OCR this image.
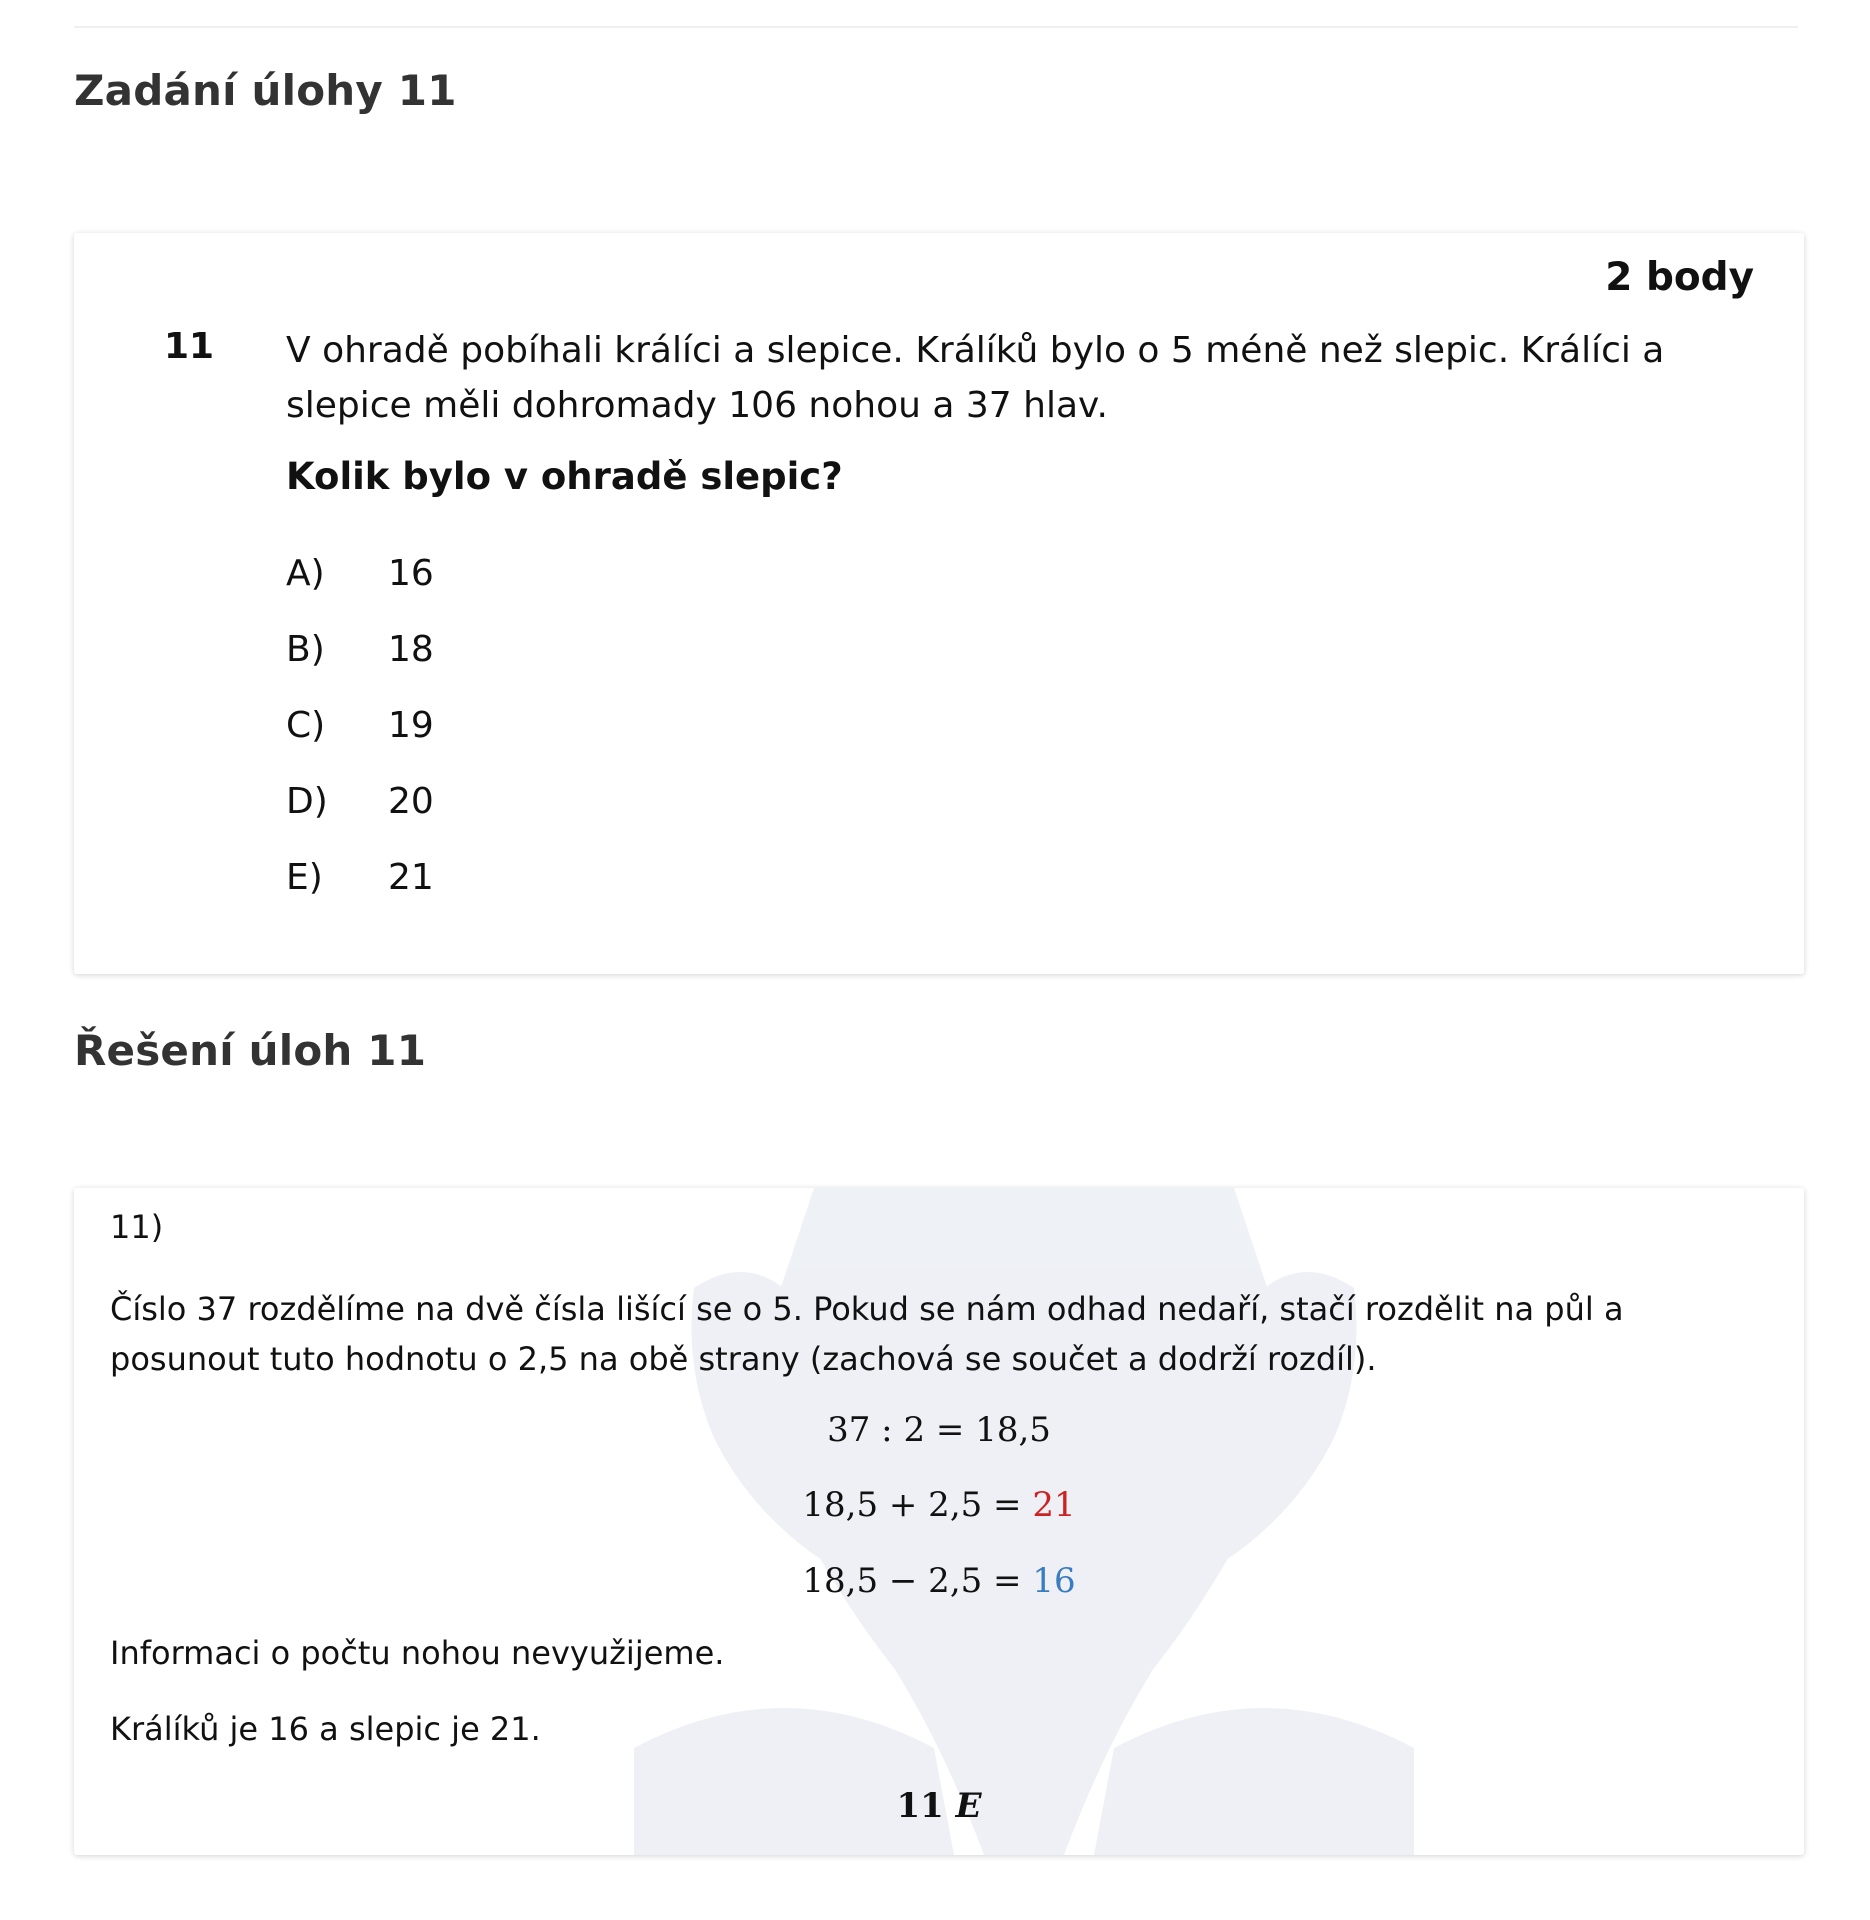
Zadání úlohy 11
2 body
11 V ohradě pobíhali králíci a slepice. Králíků bylo o 5 méně než slepic. Králíci a slepice měli dohromady 106 nohou a 37 hlav.

Kolik bylo v ohradě slepic?

A)	16
B)	18
C)	19
D)	20
E)	21
Řešení úloh 11

11)

Číslo 37 rozdělíme na dvě čísla lišící se o 5. Pokud se nám odhad nedaří, stačí rozdělit na půl a posunout tuto hodnotu o 2,5 na obě strany (zachová se součet a dodrží rozdíl).

37 : 2 = 18,5

18,5 + 2,5 = 21

18,5 − 2,5 = 16

Informaci o počtu nohou nevyužijeme.

Králíků je 16 a slepic je 21.

11 E
